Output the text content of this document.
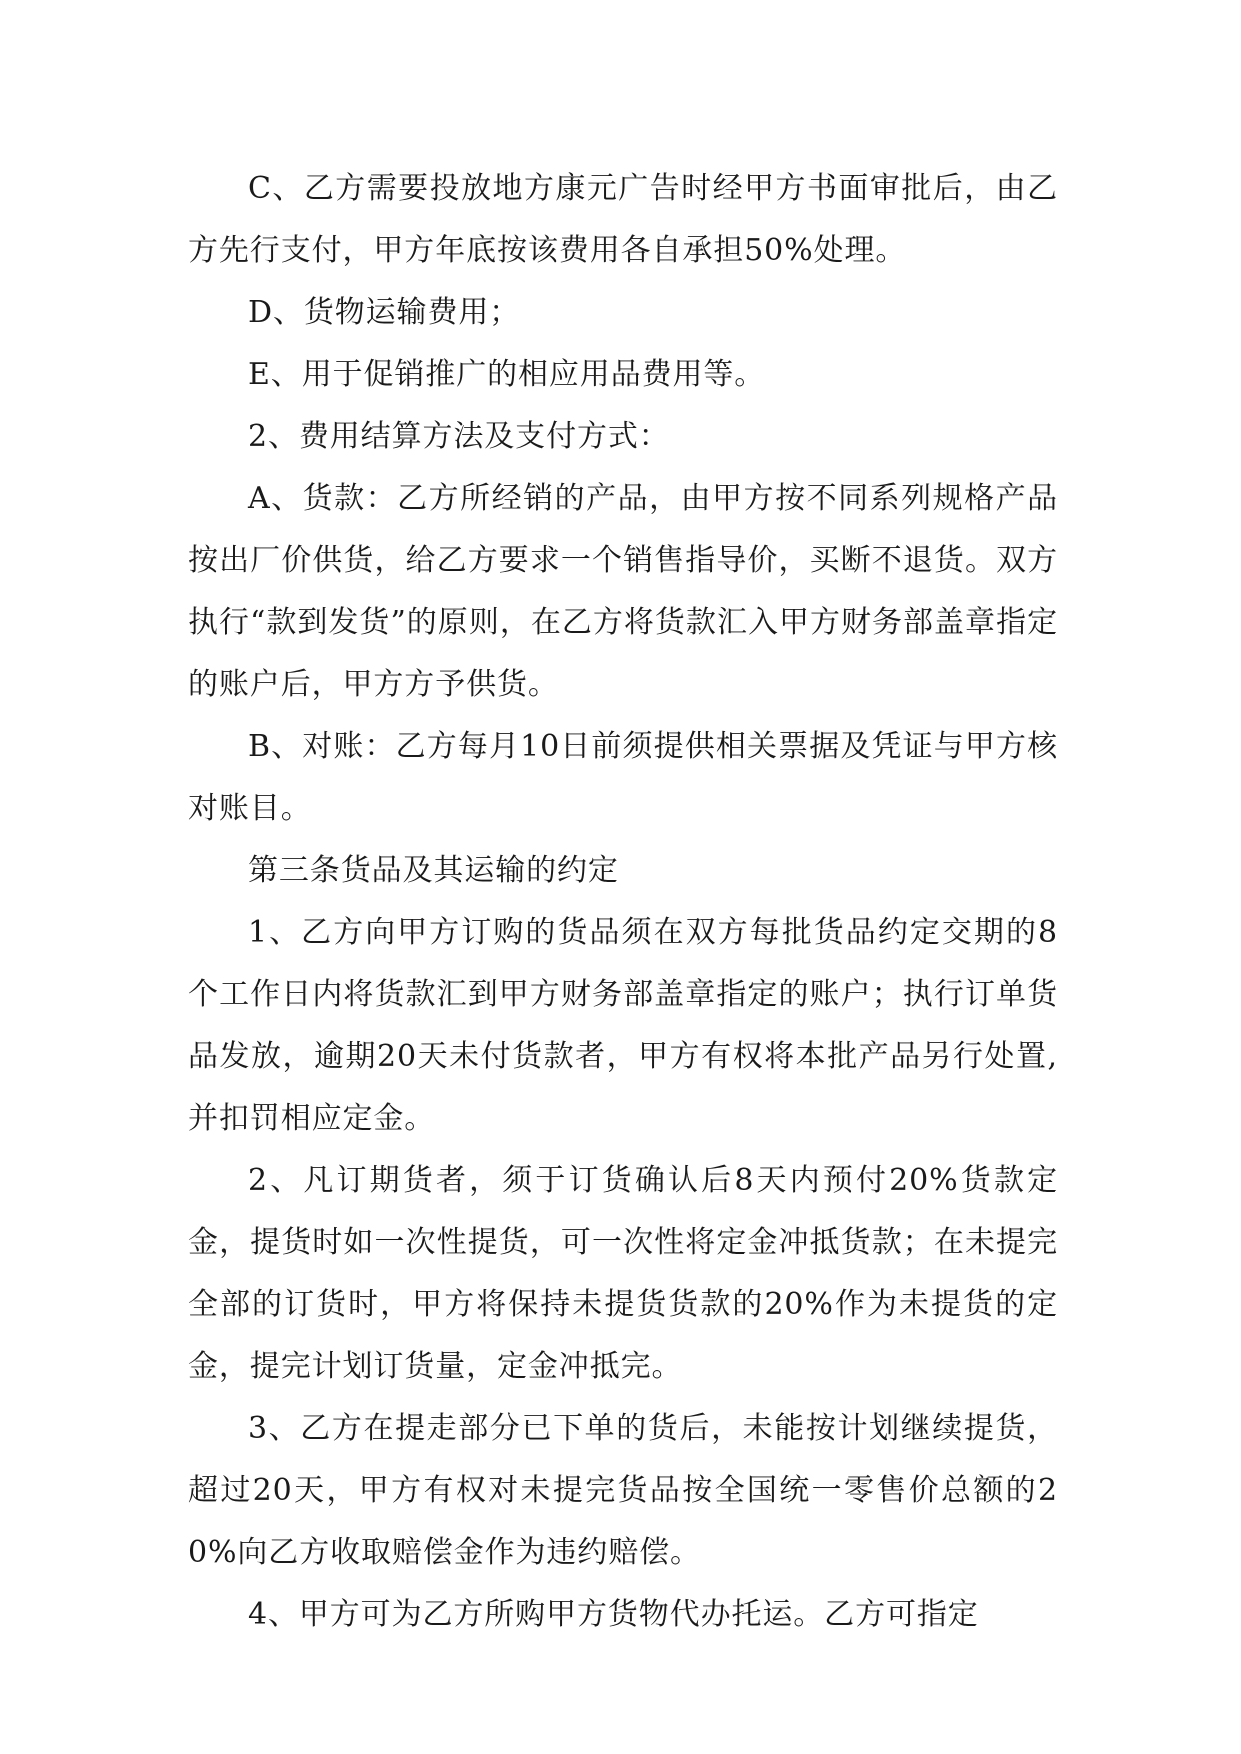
C、乙方需要投放地方康元广告时经甲方书面审批后，由乙方先行支付，甲方年底按该费用各自承担50%处理。

D、货物运输费用；

E、用于促销推广的相应用品费用等。

2、费用结算方法及支付方式：

A、货款：乙方所经销的产品，由甲方按不同系列规格产品按出厂价供货，给乙方要求一个销售指导价，买断不退货。双方执行“款到发货”的原则，在乙方将货款汇入甲方财务部盖章指定的账户后，甲方方予供货。

B、对账：乙方每月10日前须提供相关票据及凭证与甲方核对账目。

第三条货品及其运输的约定

1、乙方向甲方订购的货品须在双方每批货品约定交期的8个工作日内将货款汇到甲方财务部盖章指定的账户；执行订单货品发放，逾期20天未付货款者，甲方有权将本批产品另行处置,并扣罚相应定金。

2、凡订期货者，须于订货确认后8天内预付20%货款定金，提货时如一次性提货，可一次性将定金冲抵货款；在未提完全部的订货时，甲方将保持未提货货款的20%作为未提货的定金，提完计划订货量，定金冲抵完。

3、乙方在提走部分已下单的货后，未能按计划继续提货，超过20天，甲方有权对未提完货品按全国统一零售价总额的20%向乙方收取赔偿金作为违约赔偿。

4、甲方可为乙方所购甲方货物代办托运。乙方可指定
